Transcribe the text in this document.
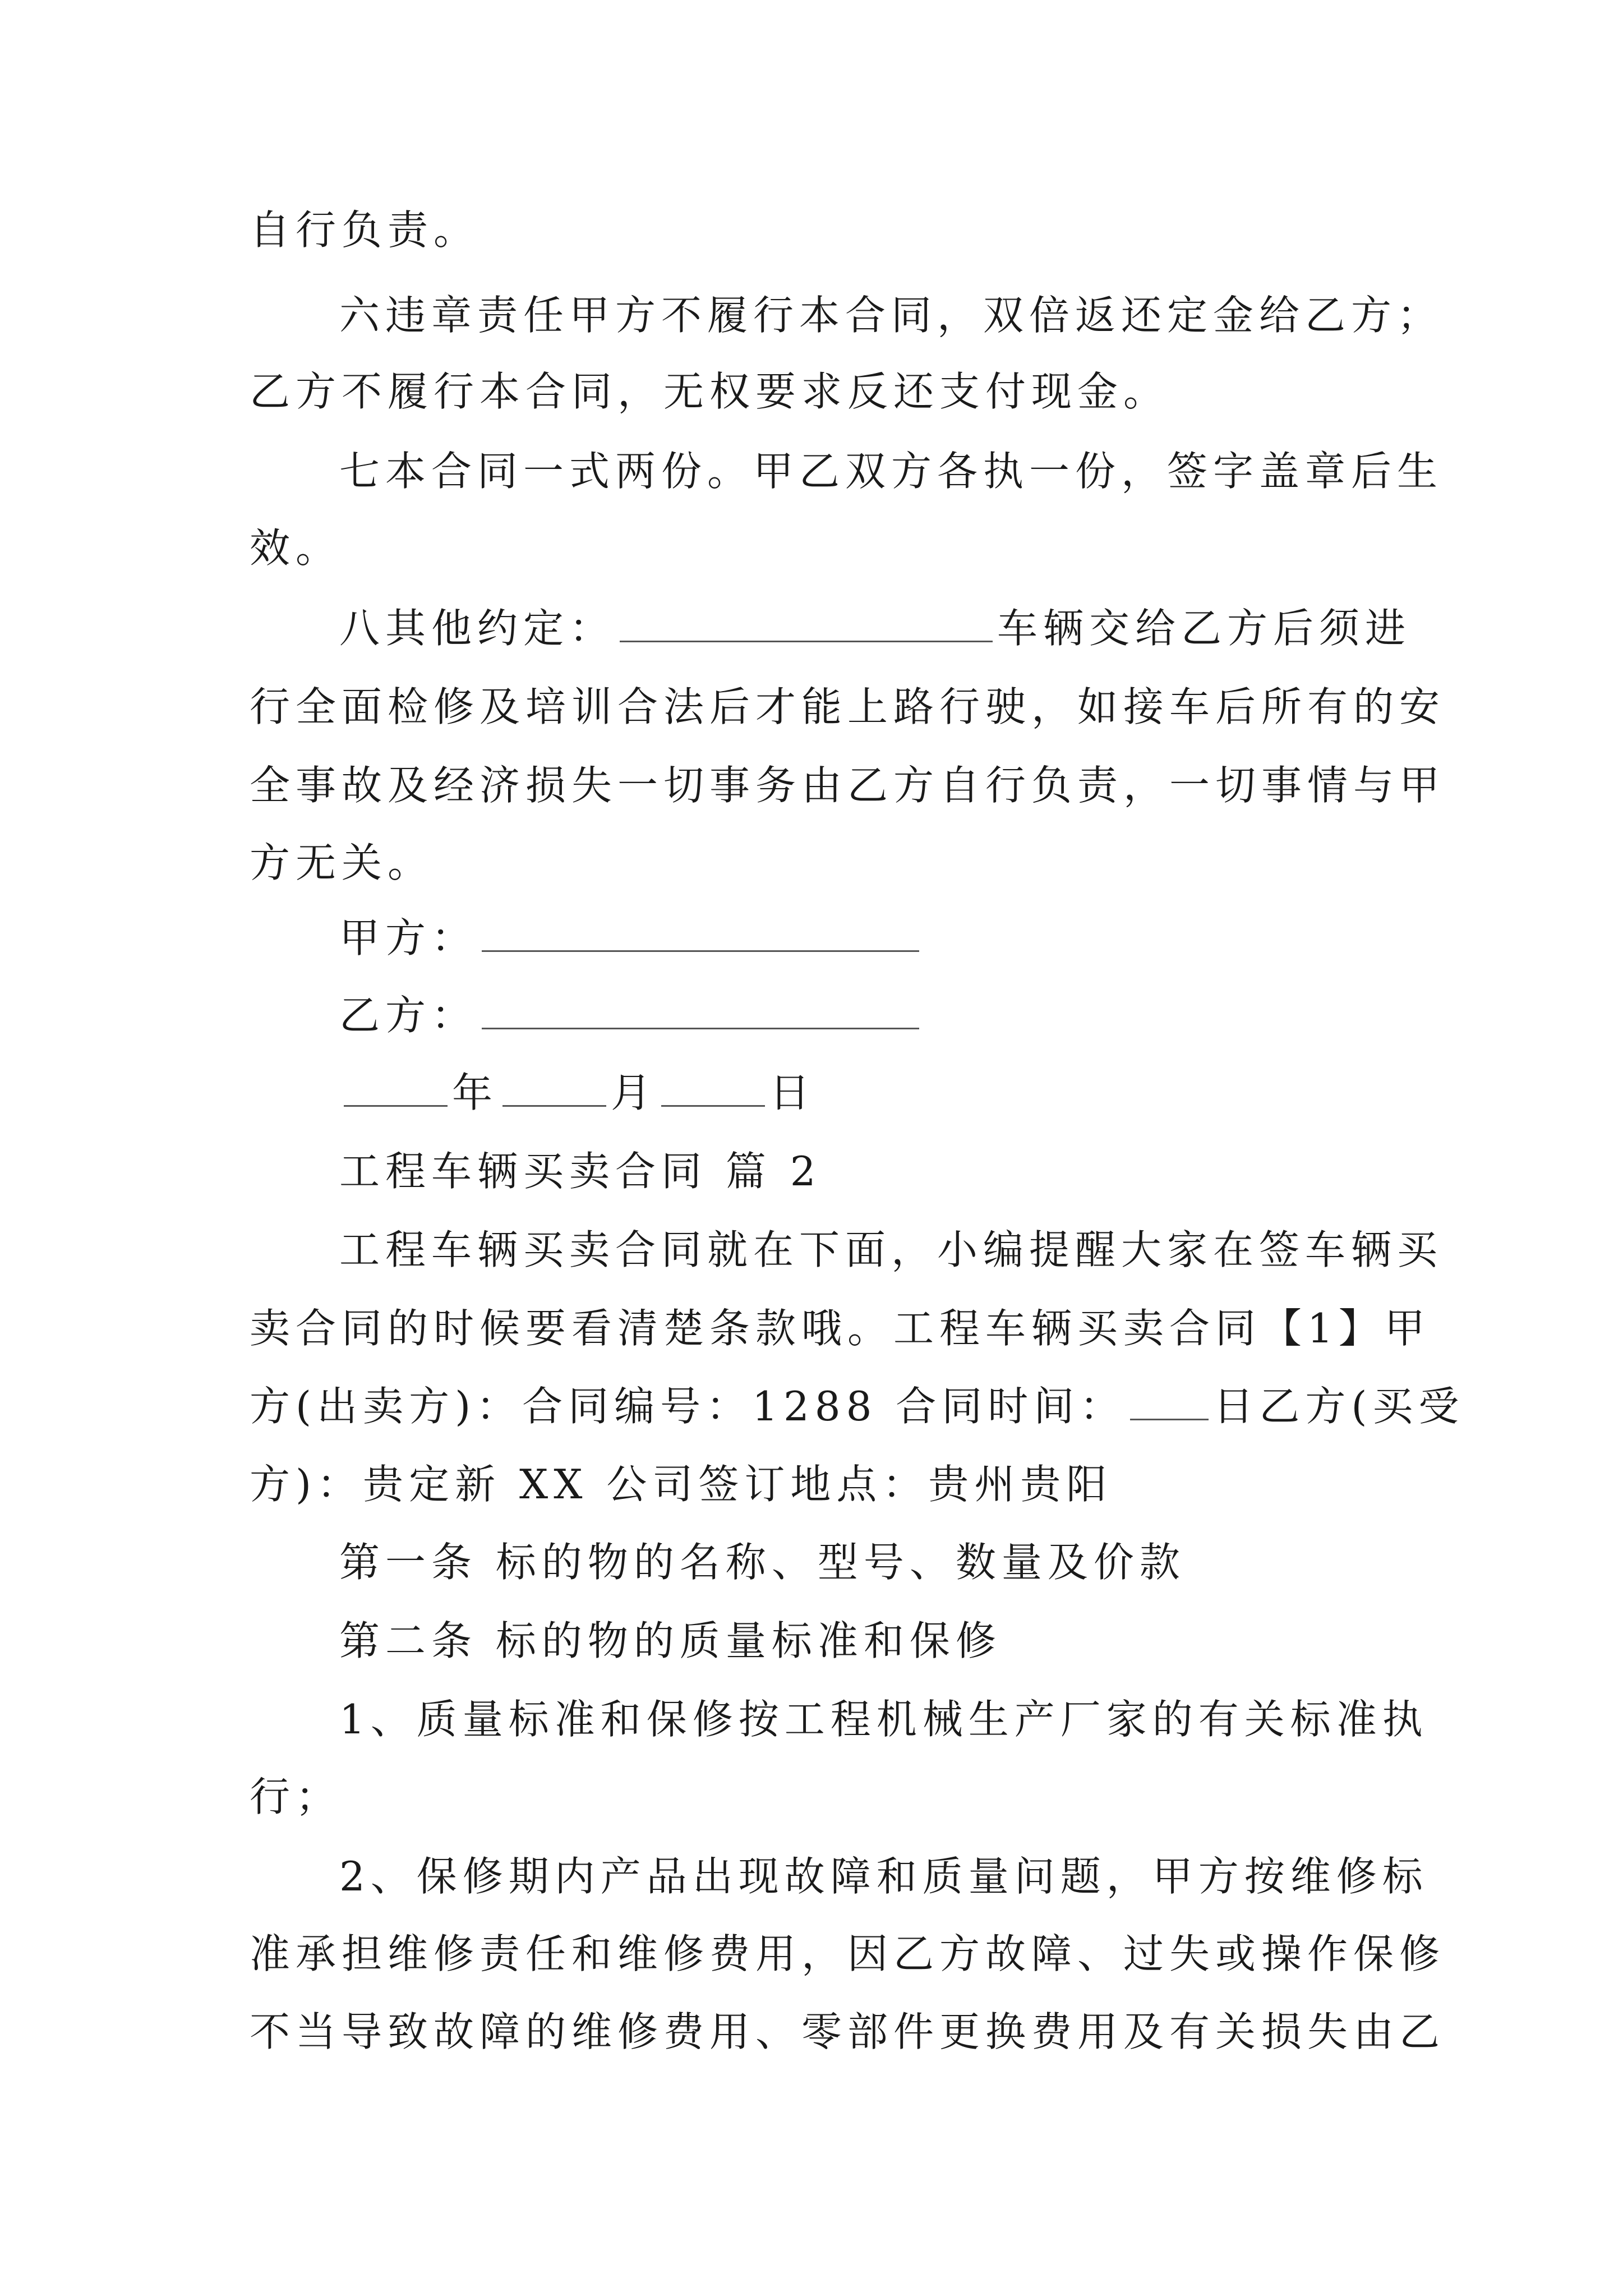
自行负责。
六违章责任甲方不履行本合同，双倍返还定金给乙方；
乙方不履行本合同，无权要求反还支付现金。
七本合同一式两份。甲乙双方各执一份，签字盖章后生
效。
八其他约定：	车辆交给乙方后须进
行全面检修及培训合法后才能上路行驶，如接车后所有的安
全事故及经济损失一切事务由乙方自行负责，一切事情与甲
方无关。
甲方：
乙方：
年	月	日
工程车辆买卖合同 篇 2
工程车辆买卖合同就在下面，小编提醒大家在签车辆买
卖合同的时候要看清楚条款哦。工程车辆买卖合同【1】甲
方(出卖方)：合同编号：1288 合同时间： 日乙方(买受
方)：贵定新 XX 公司签订地点：贵州贵阳
第一条 标的物的名称、型号、数量及价款
第二条 标的物的质量标准和保修
1、质量标准和保修按工程机械生产厂家的有关标准执
行；
2、保修期内产品出现故障和质量问题，甲方按维修标
准承担维修责任和维修费用，因乙方故障、过失或操作保修
不当导致故障的维修费用、零部件更换费用及有关损失由乙
